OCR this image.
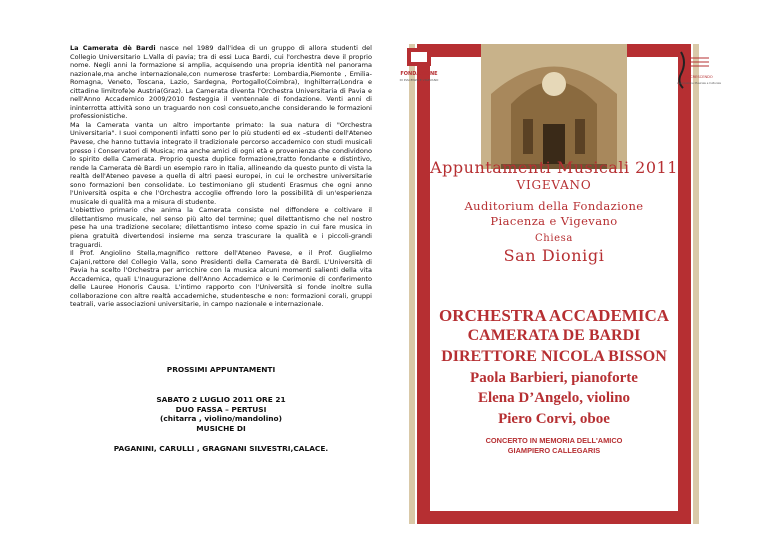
La Camerata dè Bardi nasce nel 1989 dall'idea di un gruppo di allora studenti del Collegio Universitario L.Valla di pavia; tra di essi Luca Bardi, cui l'orchestra deve il proprio nome. Negli anni la formazione si amplia, acquisendo una propria identità nel panorama nazionale,ma anche internazionale,con numerose trasferte: Lombardia,Piemonte , Emilia-Romagna, Veneto, Toscana, Lazio, Sardegna, Portogallo(Coimbra), Inghilterra(Londra e cittadine limitrofe)e Austria(Graz). La Camerata diventa l'Orchestra Universitaria di Pavia e nell'Anno Accademico 2009/2010 festeggia il ventennale di fondazione. Venti anni di ininterrotta attività sono un traguardo non così consueto,anche considerando le formazioni professionistiche.

Ma la Camerata vanta un altro importante primato: la sua natura di "Orchestra Universitaria". I suoi componenti infatti sono per lo più studenti ed ex –studenti dell'Ateneo Pavese, che hanno tuttavia integrato il tradizionale percorso accademico con studi musicali presso i Conservatori di Musica; ma anche amici di ogni età e provenienza che condividono lo spirito della Camerata. Proprio questa duplice formazione,tratto fondante e distintivo, rende la Camerata dè Bardi un esempio raro in Italia, allineando da questo punto di vista la realtà dell'Ateneo pavese a quella di altri paesi europei, in cui le orchestre universitarie sono formazioni ben consolidate. Lo testimoniano gli studenti Erasmus che ogni anno l'Università ospita e che l'Orchestra accoglie offrendo loro la possibilità di un'esperienza musicale di qualità ma a misura di studente.

L'obiettivo primario che anima la Camerata consiste nel diffondere e coltivare il dilettantismo musicale, nel senso più alto del termine; quel dilettantismo che nel nostro pese ha una tradizione secolare; dilettantismo inteso come spazio in cui fare musica in piena gratuità divertendosi insieme ma senza trascurare la qualità e i piccoli-grandi traguardi.

Il Prof. Angiolino Stella,magnifico rettore dell'Ateneo Pavese, e il Prof. Guglielmo Cajani,rettore del Collegio Valla, sono Presidenti della Camerata dè Bardi. L'Università di Pavia ha scelto l'Orchestra per arricchire con la musica alcuni momenti salienti della vita Accademica, quali L'Inaugurazione dell'Anno Accademico e le Cerimonie di conferimento delle Lauree Honoris Causa. L'intimo rapporto con l'Università si fonde inoltre sulla collaborazione con altre realtà accademiche, studentesche e non: formazioni corali, gruppi teatrali, varie associazioni universitarie, in campo nazionale e internazionale.

PROSSIMI APPUNTAMENTI
SABATO 2 LUGLIO 2011 ORE 21
DUO FASSA – PERTUSI
(chitarra , violino/mandolino)
MUSICHE DI
PAGANINI, CARULLI , GRAGNANI SILVESTRI,CALACE.
FONDAZIONE
DI PIACENZA E VIGEVANO
IN CRESCENDO
Associazione Musicale e Culturale
Appuntamenti Musicali 2011
VIGEVANO
Auditorium della Fondazione
Piacenza e Vigevano
Chiesa
San Dionigi
ORCHESTRA ACCADEMICA
CAMERATA DE BARDI
DIRETTORE NICOLA BISSON
Paola Barbieri, pianoforte
Elena D’Angelo, violino
Piero Corvi, oboe
CONCERTO IN MEMORIA DELL'AMICO
GIAMPIERO CALLEGARIS
